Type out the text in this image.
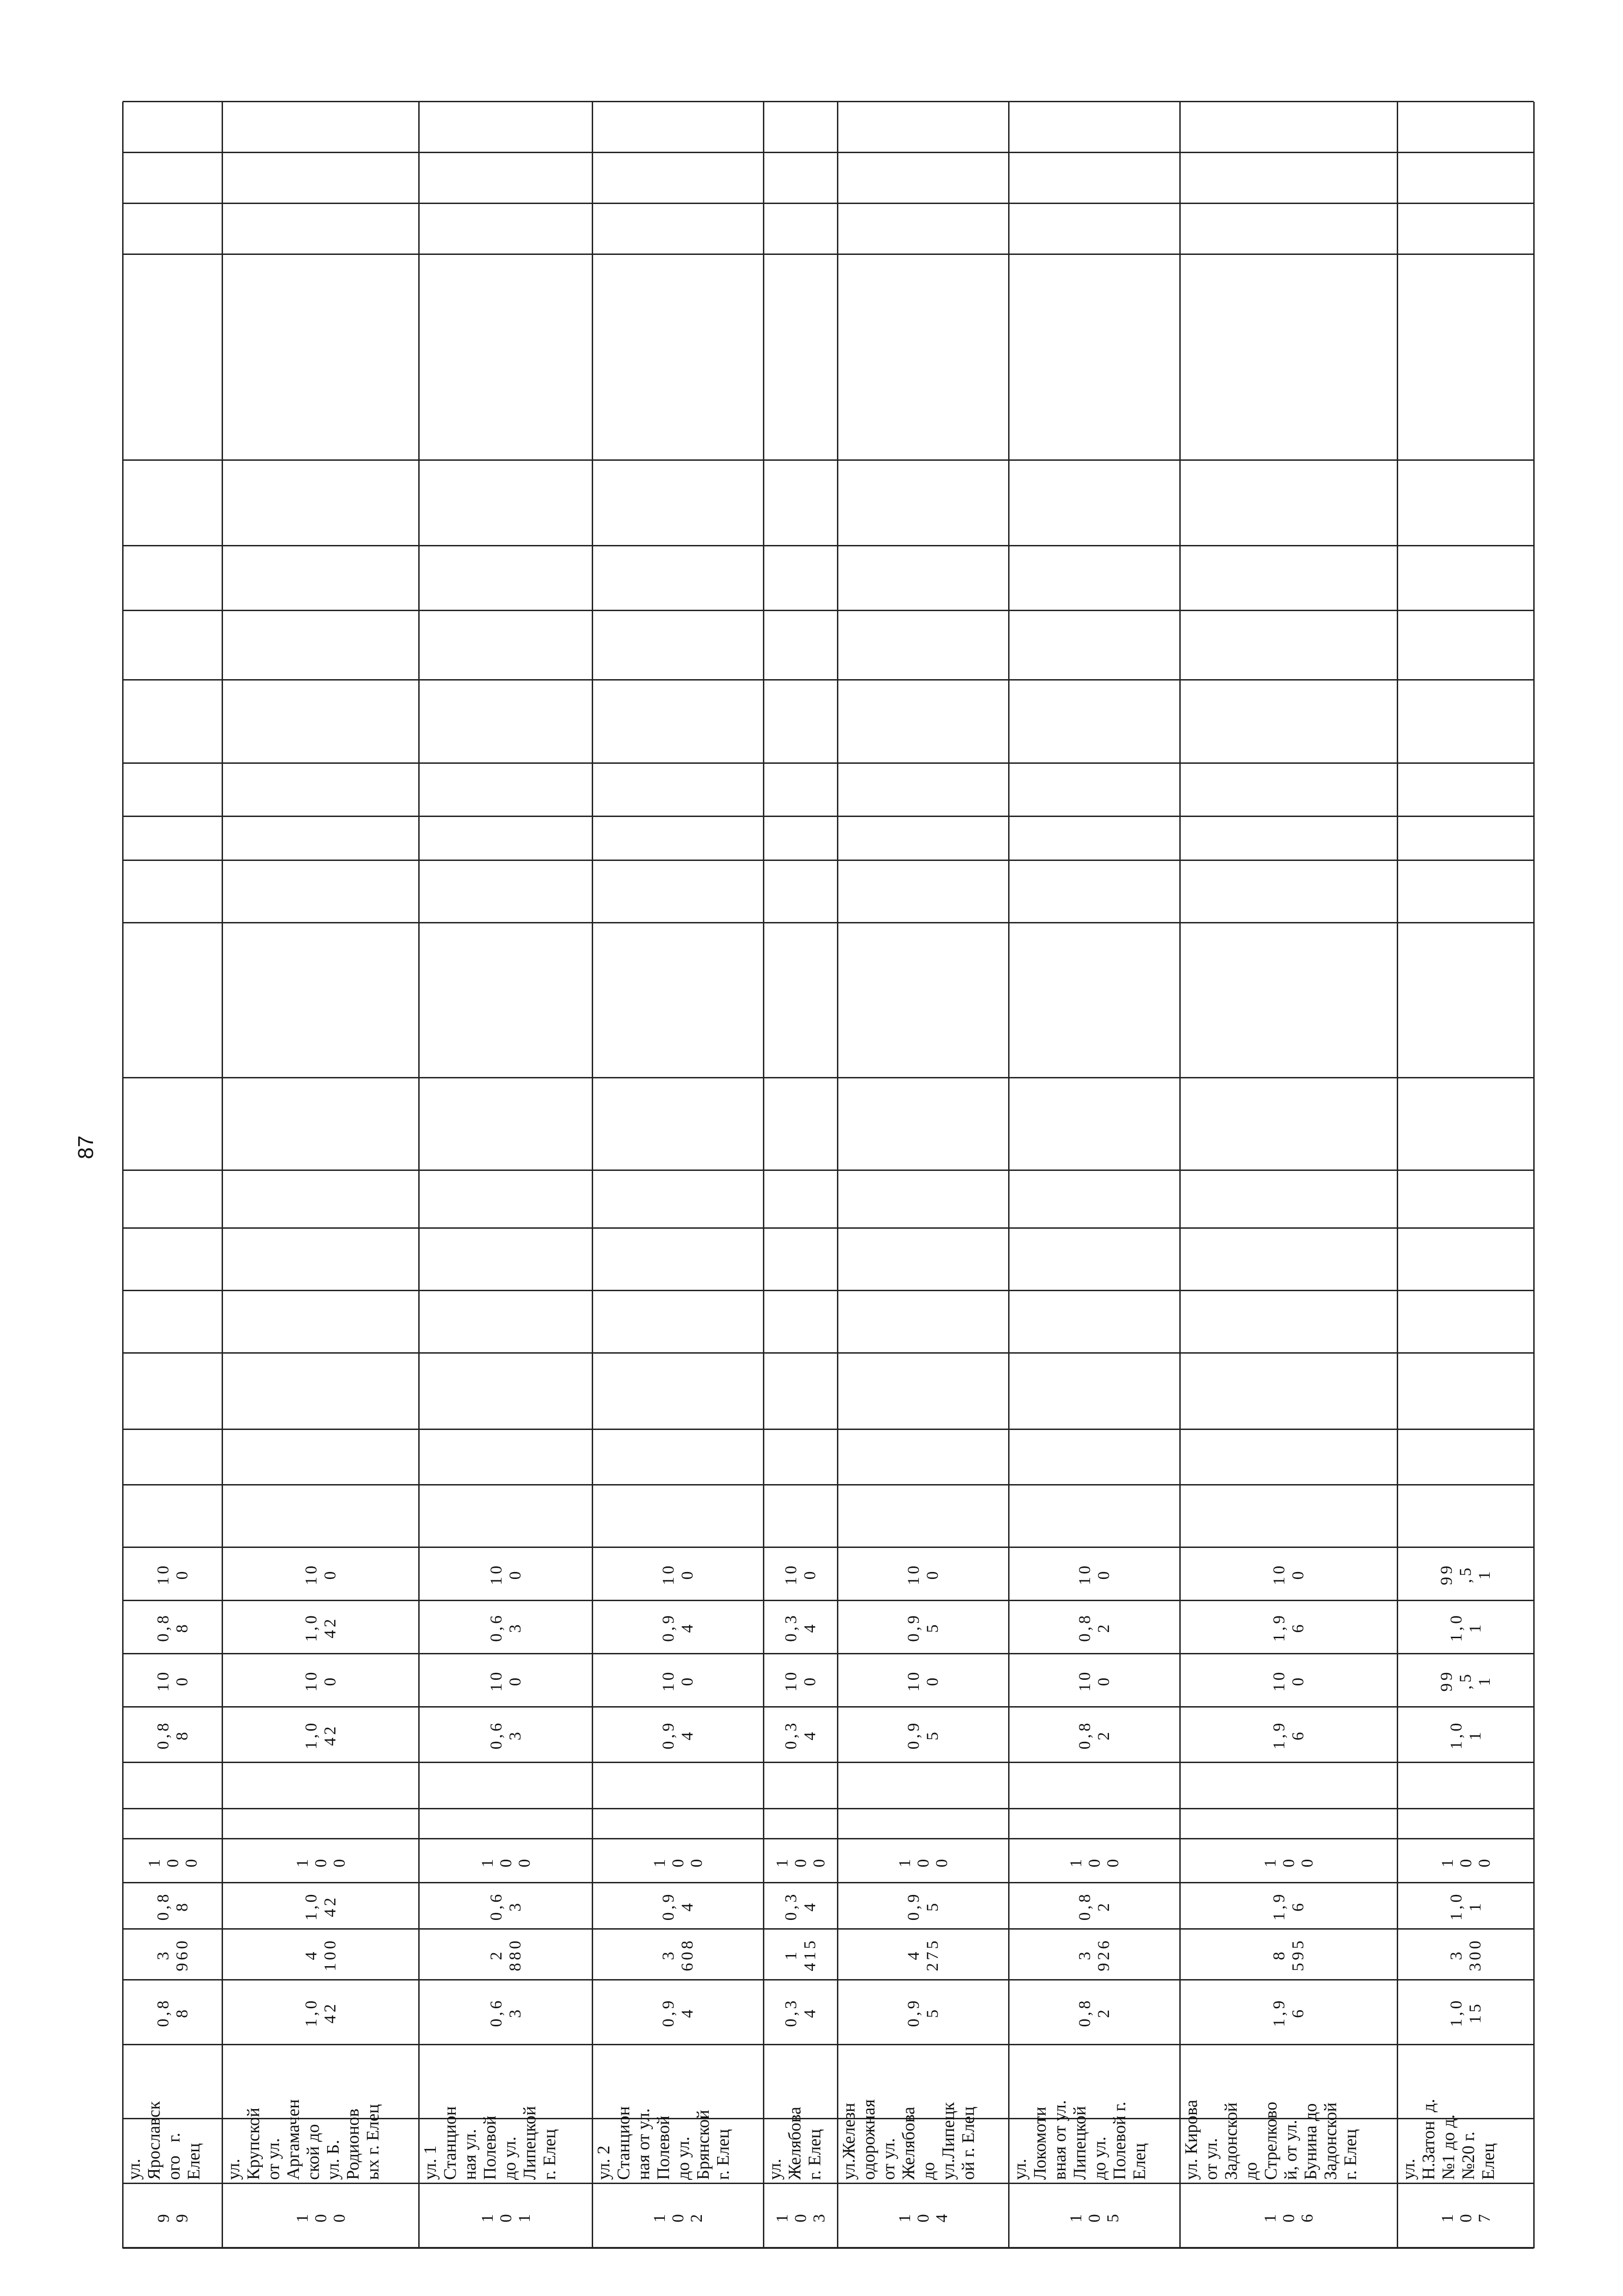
87
9
9
ул.
Ярославск
ого   г.
Елец
0,8
8
3
960
0,8
8
1
0
0
0,8
8
10
0
0,8
8
10
0
1
0
0
ул.
Крупской
от ул.
Аргамачен
ской до
ул. Б.
Родионов
ых г. Елец
1,0
42
4
100
1,0
42
1
0
0
1,0
42
10
0
1,0
42
10
0
1
0
1
ул. 1
Станцион
ная ул.
Полевой
до ул.
Липецкой
г. Елец
0,6
3
2
880
0,6
3
1
0
0
0,6
3
10
0
0,6
3
10
0
1
0
2
ул. 2
Станцион
ная от ул.
Полевой
до ул.
Брянской
г. Елец
0,9
4
3
608
0,9
4
1
0
0
0,9
4
10
0
0,9
4
10
0
1
0
3
ул.
Желябова
г. Елец
0,3
4
1
415
0,3
4
1
0
0
0,3
4
10
0
0,3
4
10
0
1
0
4
ул.Железн
одорожная
от ул.
Желябова
до
ул.Липецк
ой г. Елец
0,9
5
4
275
0,9
5
1
0
0
0,9
5
10
0
0,9
5
10
0
1
0
5
ул.
Локомоти
вная от ул.
Липецкой
до ул.
Полевой г.
Елец
0,8
2
3
926
0,8
2
1
0
0
0,8
2
10
0
0,8
2
10
0
1
0
6
ул. Кирова
от ул.
Задонской
до
Стрелково
й, от ул.
Бунина до
Задонской
г. Елец
1,9
6
8
595
1,9
6
1
0
0
1,9
6
10
0
1,9
6
10
0
1
0
7
ул.
Н.Затон  д.
№1 до д.
№20 г.
Елец
1,0
15
3
300
1,0
1
1
0
0
1,0
1
99
,5
1
1,0
1
99
,5
1
